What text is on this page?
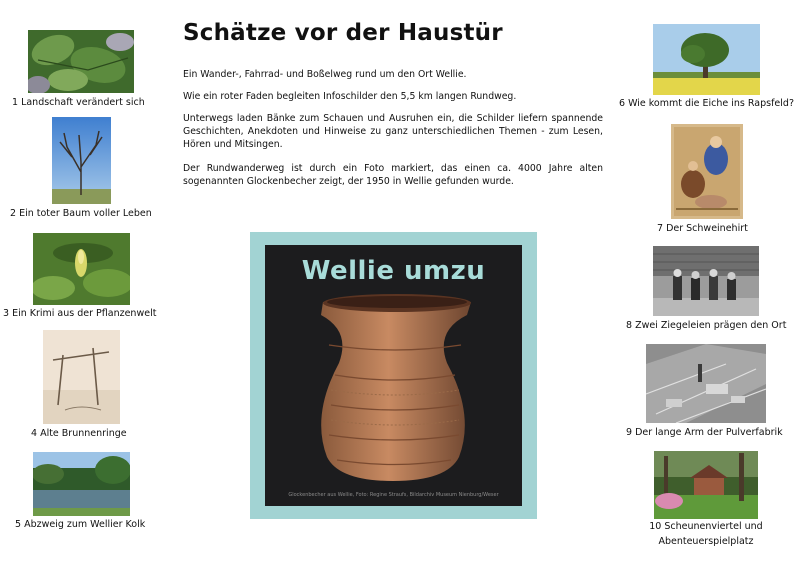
Schätze vor der Haustür

Ein Wander-, Fahrrad- und Boßelweg rund um den Ort Wellie.

Wie ein roter Faden begleiten Infoschilder den 5,5 km langen Rundweg.

Unterwegs laden Bänke zum Schauen und Ausruhen ein, die Schilder liefern spannende Geschichten, Anekdoten und Hinweise zu ganz unterschiedlichen Themen - zum Lesen, Hören und Mitsingen.

Der Rundwanderweg ist durch ein Foto markiert, das einen ca. 4000 Jahre alten sogenannten Glockenbecher zeigt, der 1950 in Wellie gefunden wurde.

1 Landschaft verändert sich
2 Ein toter Baum voller Leben
3 Ein Krimi aus der Pflanzenwelt
4 Alte Brunnenringe
5 Abzweig zum Wellier Kolk
6 Wie kommt die Eiche ins Rapsfeld?
7 Der Schweinehirt
8 Zwei Ziegeleien prägen den Ort
9 Der lange Arm der Pulverfabrik
10 Scheunenviertel und
Abenteuerspielplatz
Wellie umzu
Glockenbecher aus Wellie, Foto: Regine Straufs, Bildarchiv Museum Nienburg/Weser
